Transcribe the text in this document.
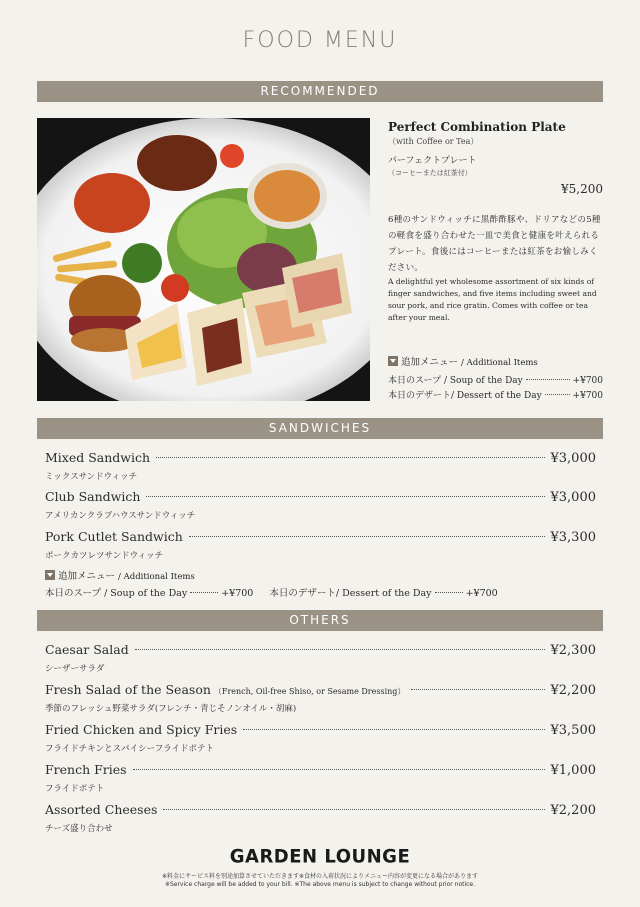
FOOD MENU
RECOMMENDED
Perfect Combination Plate
（with Coffee or Tea）
パーフェクトプレート
（コーヒーまたは紅茶付）
¥5,200
6種のサンドウィッチに黒酢酢豚や、ドリアなどの5種の軽食を盛り合わせた一皿で美食と健康を叶えられるプレート。食後にはコーヒーまたは紅茶をお愉しみください。
A delightful yet wholesome assortment of six kinds of finger sandwiches, and five items including sweet and sour pork, and rice gratin. Comes with coffee or tea after your meal.
追加メニュー / Additional Items
本日のスープ / Soup of the Day	+¥700
本日のデザート/ Dessert of the Day	+¥700
SANDWICHES
Mixed Sandwich	¥3,000
ミックスサンドウィッチ
Club Sandwich	¥3,000
アメリカンクラブハウスサンドウィッチ
Pork Cutlet Sandwich	¥3,300
ポークカツレツサンドウィッチ
追加メニュー / Additional Items
本日のスープ / Soup of the Day	+¥700 本日のデザート/ Dessert of the Day	+¥700
OTHERS
Caesar Salad	¥2,300
シーザーサラダ
Fresh Salad of the Season （French, Oil-free Shiso, or Sesame Dressing）	¥2,200
季節のフレッシュ野菜サラダ(フレンチ・青じそノンオイル・胡麻)
Fried Chicken and Spicy Fries	¥3,500
フライドチキンとスパイシーフライドポテト
French Fries	¥1,000
フライドポテト
Assorted Cheeses	¥2,200
チーズ盛り合わせ
GARDEN LOUNGE
※料金にサービス料を別途加算させていただきます※食材の入荷状況によりメニュー内容が変更になる場合があります
※Service charge will be added to your bill. ※The above menu is subject to change without prior notice.
